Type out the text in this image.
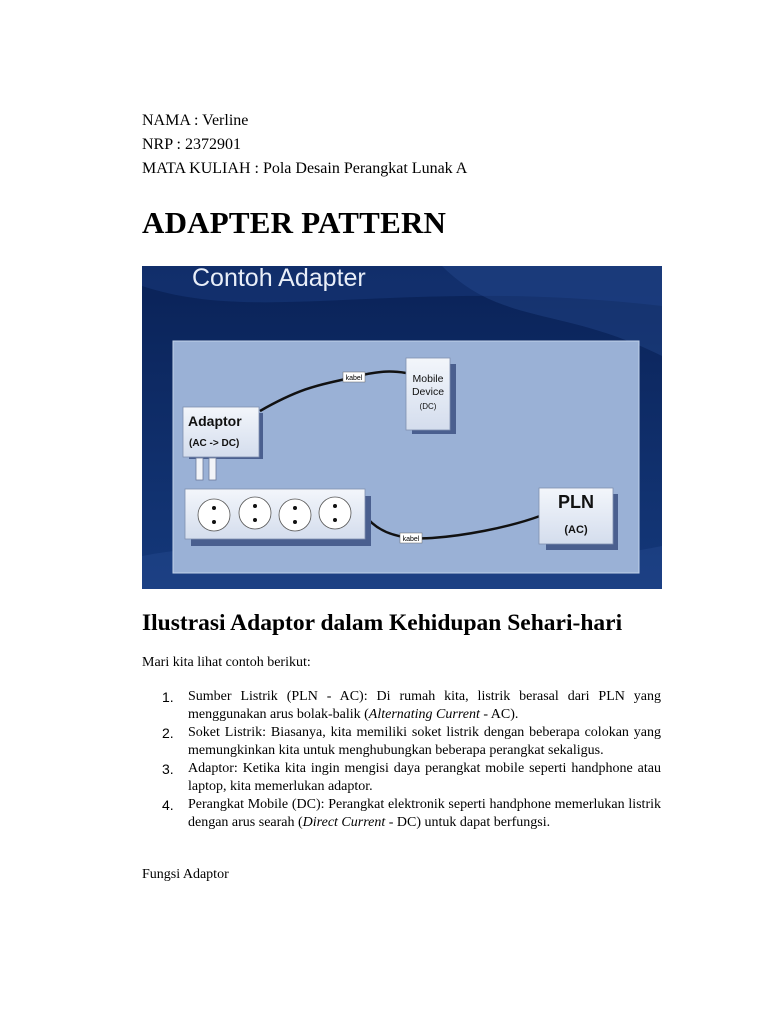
NAMA : Verline
NRP : 2372901
MATA KULIAH : Pola Desain Perangkat Lunak A
ADAPTER PATTERN
Contoh Adapter
kabel
kabel
Mobile
Device
(DC)
Adaptor
(AC -> DC)
PLN
(AC)
Ilustrasi Adaptor dalam Kehidupan Sehari-hari
Mari kita lihat contoh berikut:
1. Sumber Listrik (PLN - AC): Di rumah kita, listrik berasal dari PLN yang menggunakan arus bolak-balik (Alternating Current - AC).
2. Soket Listrik: Biasanya, kita memiliki soket listrik dengan beberapa colokan yang memungkinkan kita untuk menghubungkan beberapa perangkat sekaligus.
3. Adaptor: Ketika kita ingin mengisi daya perangkat mobile seperti handphone atau laptop, kita memerlukan adaptor.
4. Perangkat Mobile (DC): Perangkat elektronik seperti handphone memerlukan listrik dengan arus searah (Direct Current - DC) untuk dapat berfungsi.
Fungsi Adaptor
